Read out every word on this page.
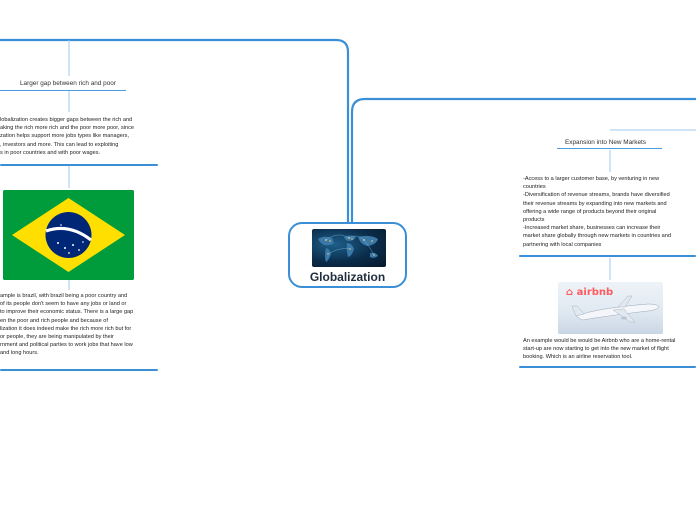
Larger gap between rich and poor
lobalization creates bigger gaps between the rich and
aking the rich more rich and the poor more poor, since
zation helps support more jobs types like managers,
, investors and more. This can lead to exploiting
s in poor countries and with poor wages.
ample is brazil, with brazil being a poor country and
of its people don't seem to have any jobs or land or
to improve their economic status. There is a large gap
en the poor and rich people and because of
lization it does indeed make the rich more rich but for
or people, they are being manipulated by their
rnment and political parties to work jobs that have low
and long hours.
Globalization
Expansion into New Markets
-Access to a larger customer base, by venturing in new
countries
-Diversification of revenue streams, brands have diversified
their revenue streams by expanding into new markets and
offering a wide range of products beyond their original
products
-Increased market share, businesses can increase their
market share globally through new markets in countries and
partnering with local companies
⌂ airbnb
An example would be would be Airbnb who are a home-rental
start-up are now starting to get into the new market of flight
booking. Which is an airline reservation tool.
